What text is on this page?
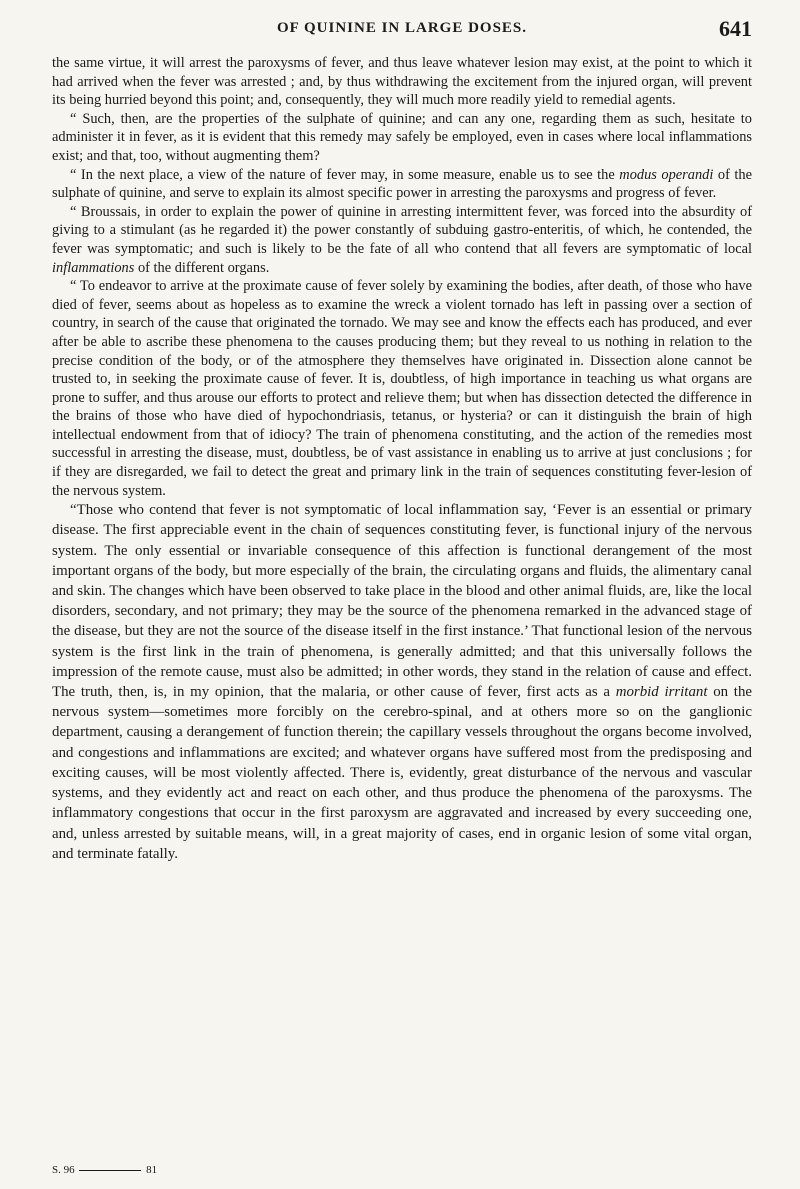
OF QUININE IN LARGE DOSES.	641

the same virtue, it will arrest the paroxysms of fever, and thus leave whatever lesion may exist, at the point to which it had arrived when the fever was arrested ; and, by thus withdrawing the excitement from the injured organ, will prevent its being hurried beyond this point; and, consequently, they will much more readily yield to remedial agents.

“ Such, then, are the properties of the sulphate of quinine; and can any one, regarding them as such, hesitate to administer it in fever, as it is evident that this remedy may safely be employed, even in cases where local inflammations exist; and that, too, without augmenting them?

“ In the next place, a view of the nature of fever may, in some measure, enable us to see the modus operandi of the sulphate of quinine, and serve to explain its almost specific power in arresting the paroxysms and progress of fever.

“ Broussais, in order to explain the power of quinine in arresting intermittent fever, was forced into the absurdity of giving to a stimulant (as he regarded it) the power constantly of subduing gastro-enteritis, of which, he contended, the fever was symptomatic; and such is likely to be the fate of all who contend that all fevers are symptomatic of local inflammations of the different organs.

“ To endeavor to arrive at the proximate cause of fever solely by examining the bodies, after death, of those who have died of fever, seems about as hopeless as to examine the wreck a violent tornado has left in passing over a section of country, in search of the cause that originated the tornado. We may see and know the effects each has produced, and ever after be able to ascribe these phenomena to the causes producing them; but they reveal to us nothing in relation to the precise condition of the body, or of the atmosphere they themselves have originated in. Dissection alone cannot be trusted to, in seeking the proximate cause of fever. It is, doubtless, of high importance in teaching us what organs are prone to suffer, and thus arouse our efforts to protect and relieve them; but when has dissection detected the difference in the brains of those who have died of hypochondriasis, tetanus, or hysteria? or can it distinguish the brain of high intellectual endowment from that of idiocy? The train of phenomena constituting, and the action of the remedies most successful in arresting the disease, must, doubtless, be of vast assistance in enabling us to arrive at just conclusions ; for if they are disregarded, we fail to detect the great and primary link in the train of sequences constituting fever-lesion of the nervous system.

“Those who contend that fever is not symptomatic of local inflammation say, ‘Fever is an essential or primary disease. The first appreciable event in the chain of sequences constituting fever, is functional injury of the nervous system. The only essential or invariable consequence of this affection is functional derangement of the most important organs of the body, but more especially of the brain, the circulating organs and fluids, the alimentary canal and skin. The changes which have been observed to take place in the blood and other animal fluids, are, like the local disorders, secondary, and not primary; they may be the source of the phenomena remarked in the advanced stage of the disease, but they are not the source of the disease itself in the first instance.’ That functional lesion of the nervous system is the first link in the train of phenomena, is generally admitted; and that this universally follows the impression of the remote cause, must also be admitted; in other words, they stand in the relation of cause and effect. The truth, then, is, in my opinion, that the malaria, or other cause of fever, first acts as a morbid irritant on the nervous system—sometimes more forcibly on the cerebro-spinal, and at others more so on the ganglionic department, causing a derangement of function therein; the capillary vessels throughout the organs become involved, and congestions and inflammations are excited; and whatever organs have suffered most from the predisposing and exciting causes, will be most violently affected. There is, evidently, great disturbance of the nervous and vascular systems, and they evidently act and react on each other, and thus produce the phenomena of the paroxysms. The inflammatory congestions that occur in the first paroxysm are aggravated and increased by every succeeding one, and, unless arrested by suitable means, will, in a great majority of cases, end in organic lesion of some vital organ, and terminate fatally.

S. 96	81
